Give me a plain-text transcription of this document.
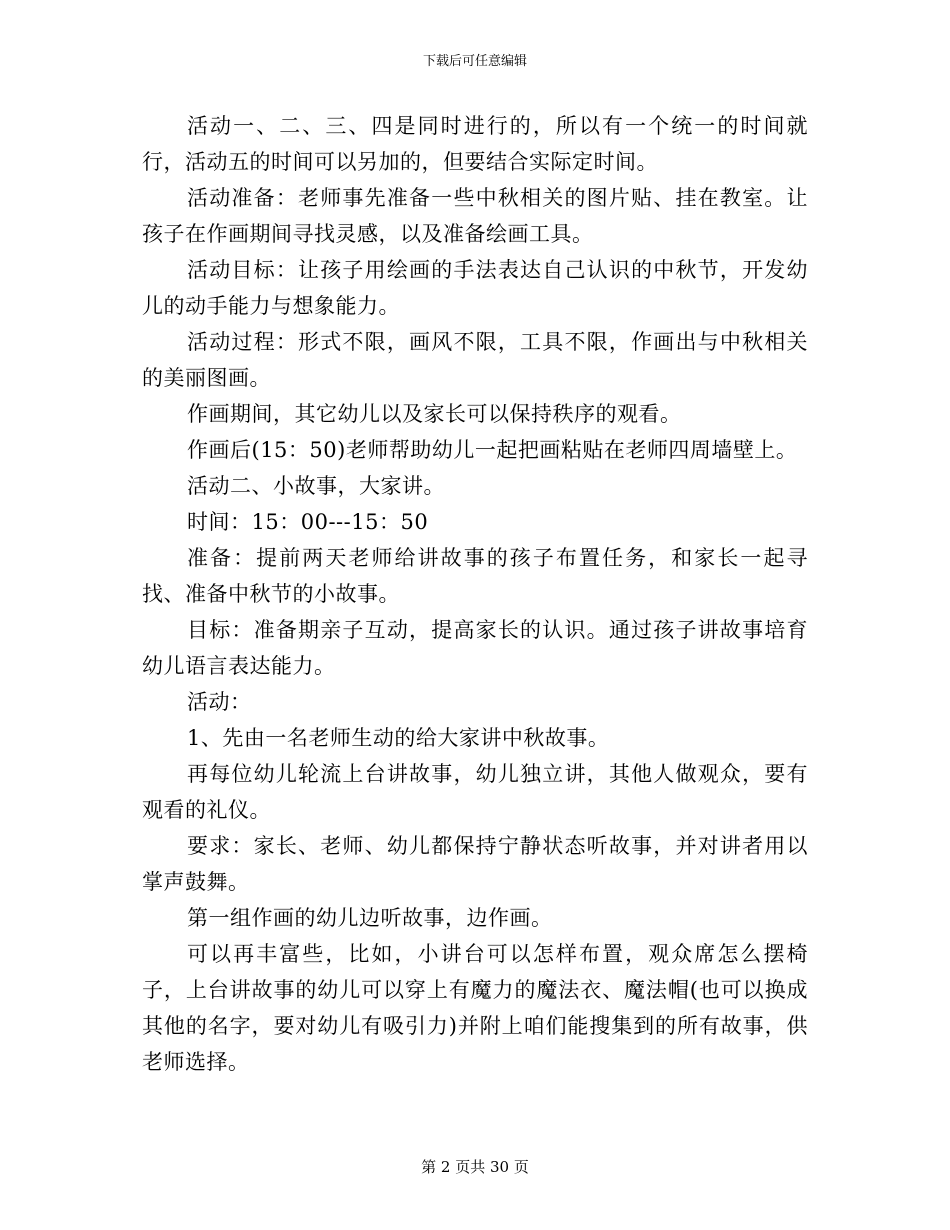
下载后可任意编辑

活动一、二、三、四是同时进行的，所以有一个统一的时间就行，活动五的时间可以另加的，但要结合实际定时间。

活动准备：老师事先准备一些中秋相关的图片贴、挂在教室。让孩子在作画期间寻找灵感，以及准备绘画工具。

活动目标：让孩子用绘画的手法表达自己认识的中秋节，开发幼儿的动手能力与想象能力。

活动过程：形式不限，画风不限，工具不限，作画出与中秋相关的美丽图画。

作画期间，其它幼儿以及家长可以保持秩序的观看。

作画后(15：50)老师帮助幼儿一起把画粘贴在老师四周墙壁上。

活动二、小故事，大家讲。

时间：15：00---15：50

准备：提前两天老师给讲故事的孩子布置任务，和家长一起寻找、准备中秋节的小故事。

目标：准备期亲子互动，提高家长的认识。通过孩子讲故事培育幼儿语言表达能力。

活动：

1、先由一名老师生动的给大家讲中秋故事。

再每位幼儿轮流上台讲故事，幼儿独立讲，其他人做观众，要有观看的礼仪。

要求：家长、老师、幼儿都保持宁静状态听故事，并对讲者用以掌声鼓舞。

第一组作画的幼儿边听故事，边作画。

可以再丰富些，比如，小讲台可以怎样布置，观众席怎么摆椅子，上台讲故事的幼儿可以穿上有魔力的魔法衣、魔法帽(也可以换成其他的名字，要对幼儿有吸引力)并附上咱们能搜集到的所有故事，供老师选择。

第 2 页共 30 页
